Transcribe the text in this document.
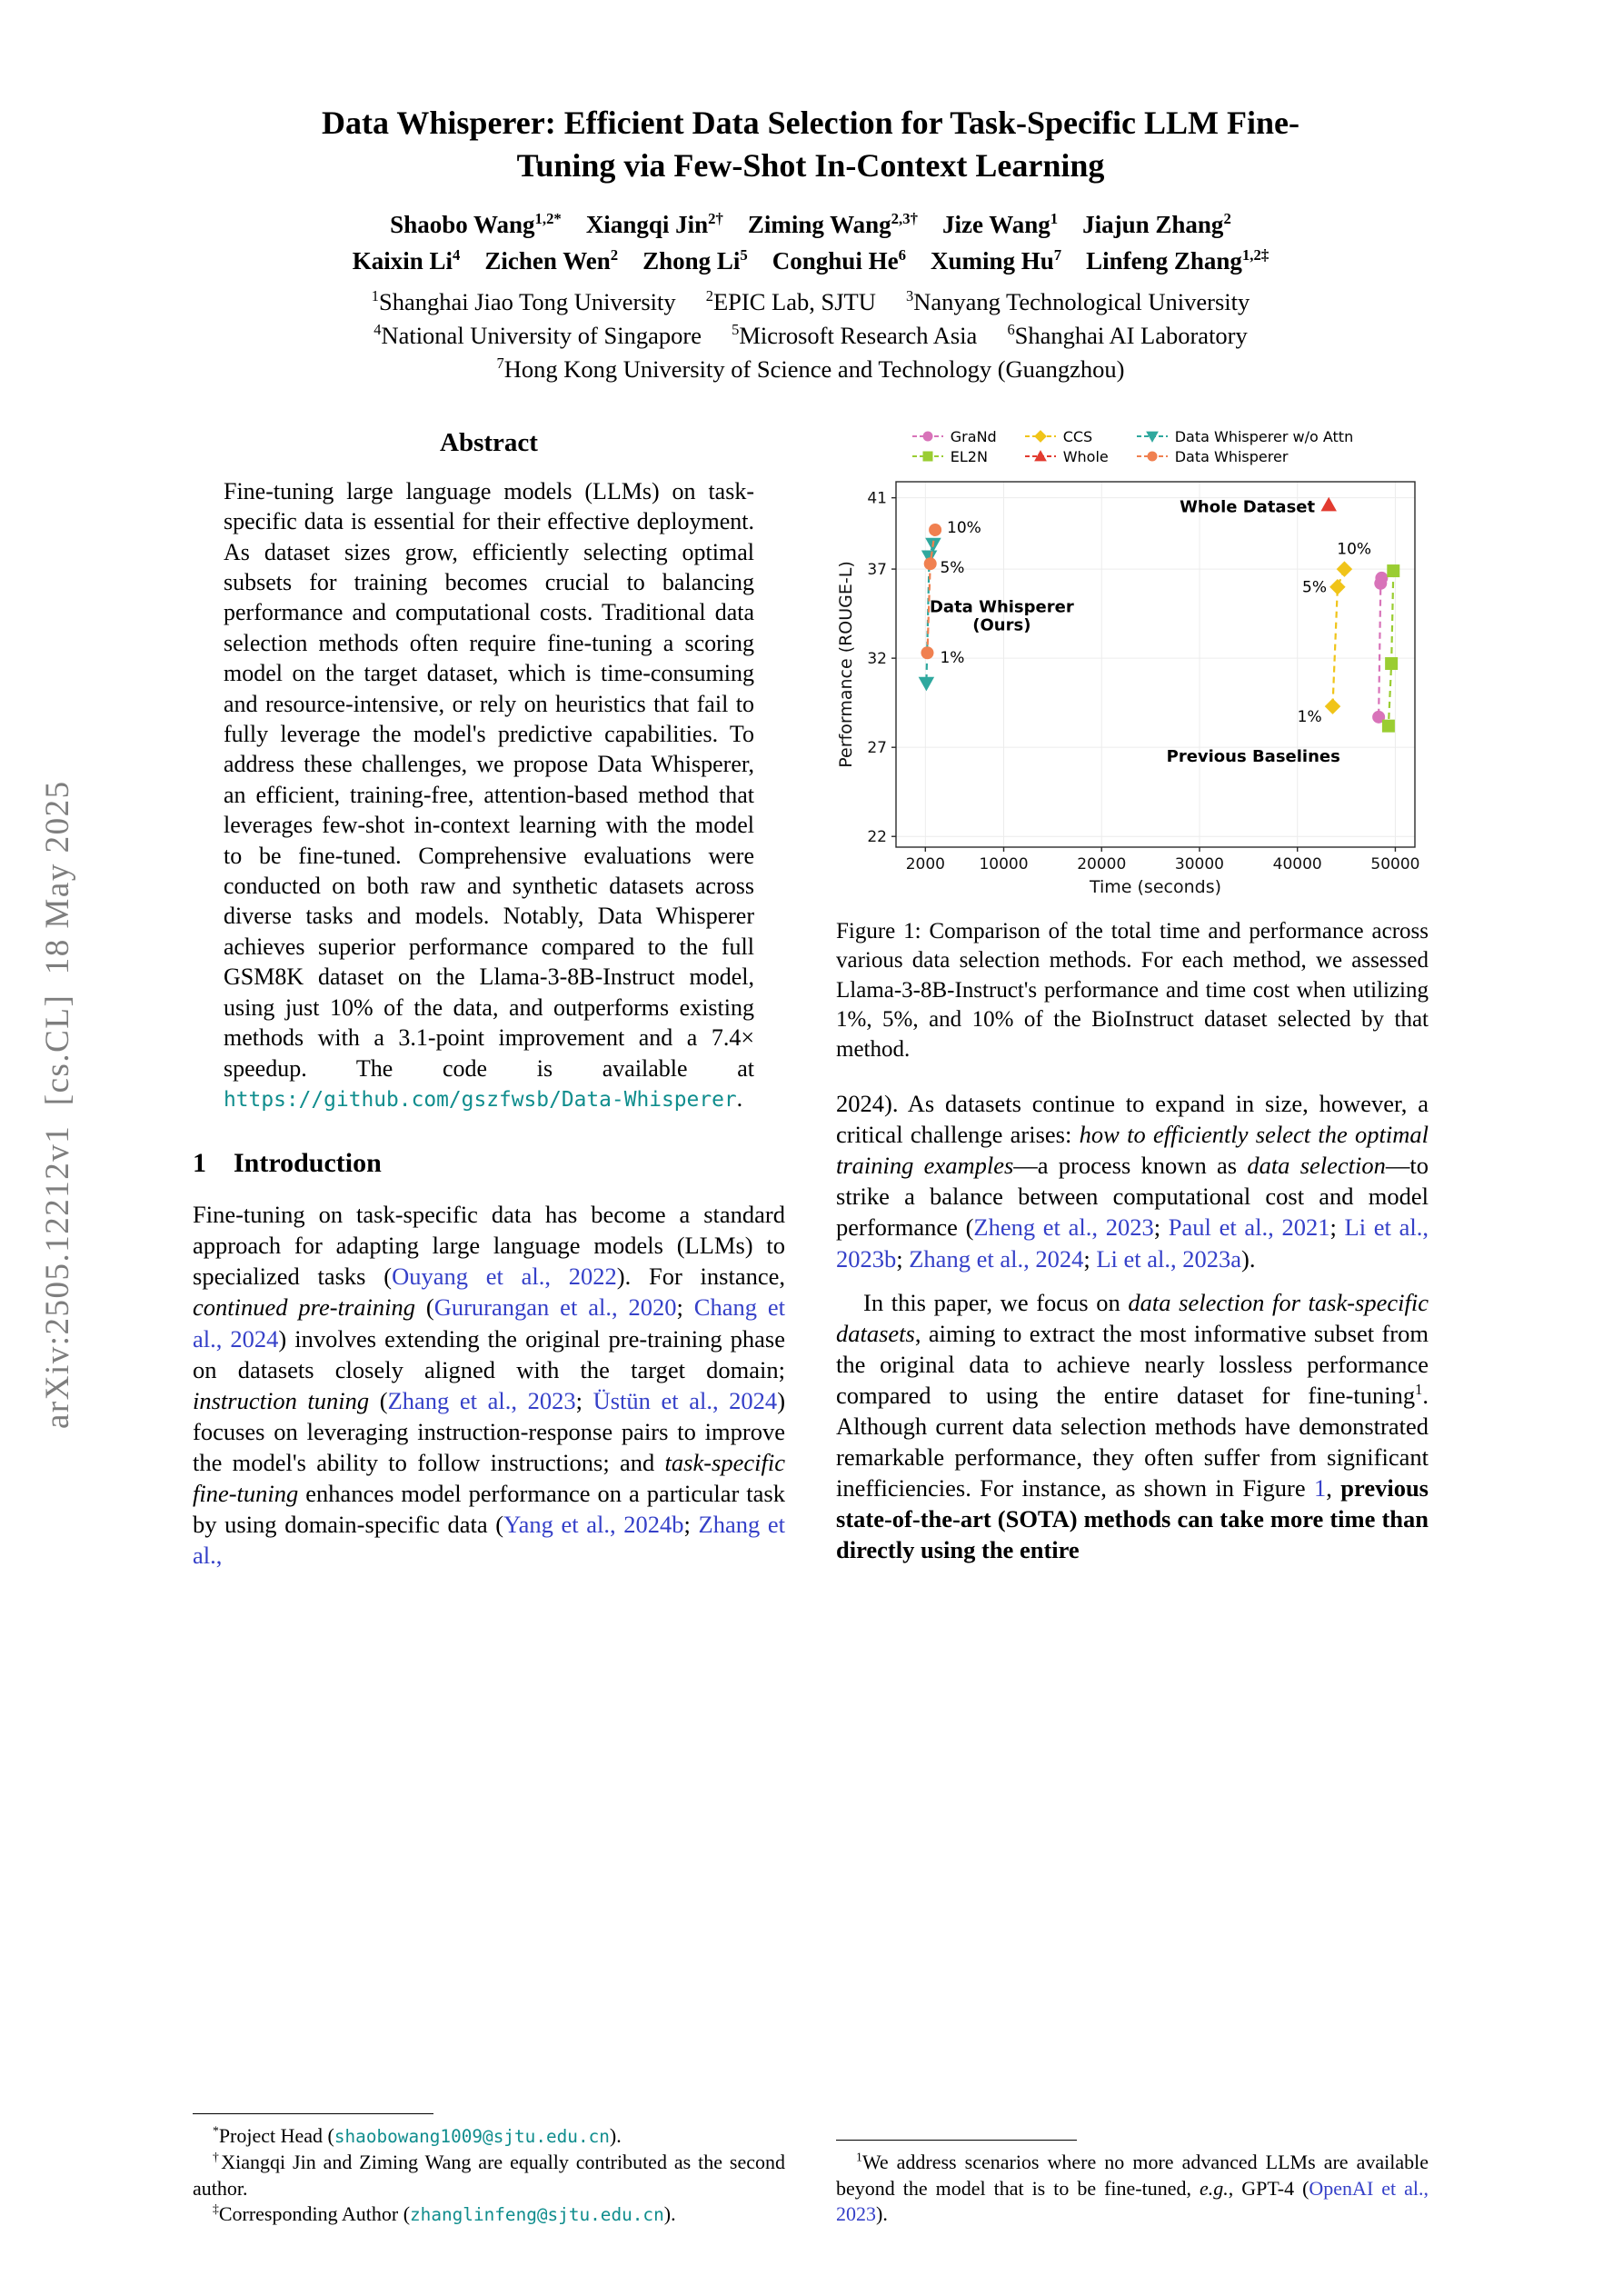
arXiv:2505.12212v1  [cs.CL]  18 May 2025
Data Whisperer: Efficient Data Selection for Task-Specific LLM Fine-Tuning via Few-Shot In-Context Learning
Shaobo Wang$^{1,2*}$ Xiangqi Jin$^{2\dagger}$ Ziming Wang$^{2,3\dagger}$ Jize Wang$^1$ Jiajun Zhang$^2$
Kaixin Li$^4$ Zichen Wen$^2$ Zhong Li$^5$ Conghui He$^6$ Xuming Hu$^7$ Linfeng Zhang$^{1,2\ddagger}$
$^1$Shanghai Jiao Tong University $^2$EPIC Lab, SJTU $^3$Nanyang Technological University
$^4$National University of Singapore $^5$Microsoft Research Asia $^6$Shanghai AI Laboratory
$^7$Hong Kong University of Science and Technology (Guangzhou)
Abstract

Fine-tuning large language models (LLMs) on task-specific data is essential for their effective deployment. As dataset sizes grow, efficiently selecting optimal subsets for training becomes crucial to balancing performance and computational costs. Traditional data selection methods often require fine-tuning a scoring model on the target dataset, which is time-consuming and resource-intensive, or rely on heuristics that fail to fully leverage the model's predictive capabilities. To address these challenges, we propose Data Whisperer, an efficient, training-free, attention-based method that leverages few-shot in-context learning with the model to be fine-tuned. Comprehensive evaluations were conducted on both raw and synthetic datasets across diverse tasks and models. Notably, Data Whisperer achieves superior performance compared to the full GSM8K dataset on the Llama-3-8B-Instruct model, using just 10% of the data, and outperforms existing methods with a 3.1-point improvement and a 7.4× speedup. The code is available at https://github.com/gszfwsb/Data-Whisperer.

1 Introduction

Fine-tuning on task-specific data has become a standard approach for adapting large language models (LLMs) to specialized tasks (Ouyang et al., 2022). For instance, continued pre-training (Gururangan et al., 2020; Chang et al., 2024) involves extending the original pre-training phase on datasets closely aligned with the target domain; instruction tuning (Zhang et al., 2023; Üstün et al., 2024) focuses on leveraging instruction-response pairs to improve the model's ability to follow instructions; and task-specific fine-tuning enhances model performance on a particular task by using domain-specific data (Yang et al., 2024b; Zhang et al.,

*Project Head (shaobowang1009@sjtu.edu.cn).

†Xiangqi Jin and Ziming Wang are equally contributed as the second author.

‡Corresponding Author (zhanglinfeng@sjtu.edu.cn).

GraNd	CCS	Data Whisperer w/o Attn
EL2N	Whole	Data Whisperer
2000 10000	20000	30000	40000	50000
Time (seconds)
22
27
32
37
41
Performance (ROUGE-L)
10%
5%
1%
Data Whisperer (Ours)
Whole Dataset
10%
5%
1%
Previous Baselines
Figure 1: Comparison of the total time and performance across various data selection methods. For each method, we assessed Llama-3-8B-Instruct's performance and time cost when utilizing 1%, 5%, and 10% of the BioInstruct dataset selected by that method.

2024). As datasets continue to expand in size, however, a critical challenge arises: how to efficiently select the optimal training examples—a process known as data selection—to strike a balance between computational cost and model performance (Zheng et al., 2023; Paul et al., 2021; Li et al., 2023b; Zhang et al., 2024; Li et al., 2023a).

In this paper, we focus on data selection for task-specific datasets, aiming to extract the most informative subset from the original data to achieve nearly lossless performance compared to using the entire dataset for fine-tuning$^1$. Although current data selection methods have demonstrated remarkable performance, they often suffer from significant inefficiencies. For instance, as shown in Figure 1, previous state-of-the-art (SOTA) methods can take more time than directly using the entire

$^1$We address scenarios where no more advanced LLMs are available beyond the model that is to be fine-tuned, e.g., GPT-4 (OpenAI et al., 2023).
